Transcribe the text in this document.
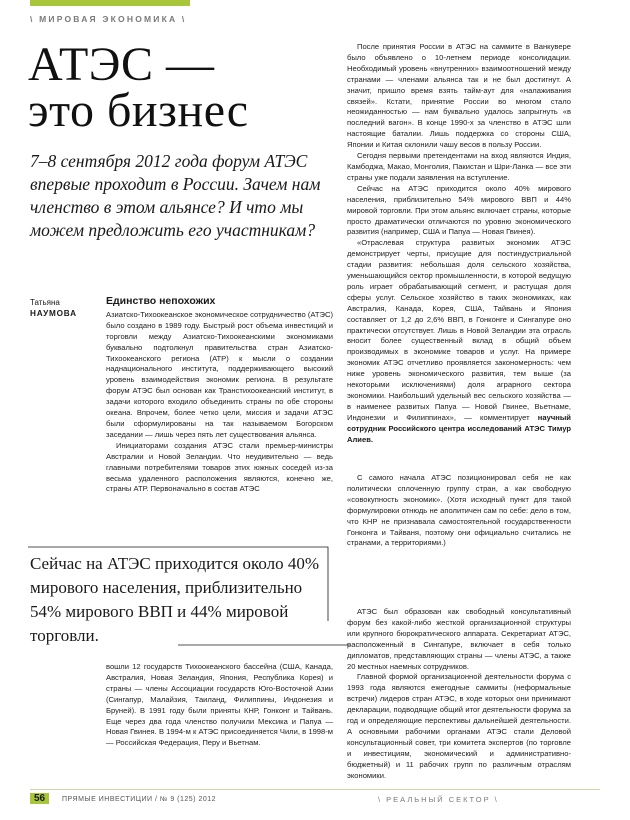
\ МИРОВАЯ ЭКОНОМИКА \
АТЭС —
это бизнес
7–8 сентября 2012 года форум АТЭС впервые проходит в России. Зачем нам членство в этом альянсе? И что мы можем предложить его участникам?
Татьяна
НАУМОВА
Единство непохожих

Азиатско-Тихоокеанское экономическое сотрудничество (АТЭС) было создано в 1989 году. Быстрый рост объема инвестиций и торговли между Азиатско-Тихоокеанскими экономиками буквально подтолкнул правительства стран Азиатско-Тихоокеанского региона (АТР) к мысли о создании наднационального института, поддерживающего высокий уровень взаимодействия экономик региона. В результате форум АТЭС был основан как Транстихоокеанский институт, в задачи которого входило объединить страны по обе стороны океана. Впрочем, более четко цели, миссия и задачи АТЭС были сформулированы на так называемом Богорском заседании — лишь через пять лет существования альянса.

Инициаторами создания АТЭС стали премьер-министры Австралии и Новой Зеландии. Что неудивительно — ведь главными потребителями товаров этих южных соседей из-за весьма удаленного расположения являются, конечно же, страны АТР. Первоначально в состав АТЭС

Сейчас на АТЭС приходится около 40% мирового населения, приблизительно 54% мирового ВВП и 44% мировой торговли.

вошли 12 государств Тихоокеанского бассейна (США, Канада, Австралия, Новая Зеландия, Япония, Республика Корея) и страны — члены Ассоциации государств Юго-Восточной Азии (Сингапур, Малайзия, Таиланд, Филиппины, Индонезия и Бруней). В 1991 году были приняты КНР, Гонконг и Тайвань. Еще через два года членство получили Мексика и Папуа — Новая Гвинея. В 1994-м к АТЭС присоединяется Чили, в 1998-м — Российская Федерация, Перу и Вьетнам.

После принятия России в АТЭС на саммите в Ванкувере было объявлено о 10-летнем периоде консолидации. Необходимый уровень «внутренних» взаимоотношений между странами — членами альянса так и не был достигнут. А значит, пришло время взять тайм-аут для «налаживания связей». Кстати, принятие России во многом стало неожиданностью — нам буквально удалось запрыгнуть «в последний вагон». В конце 1990-х за членство в АТЭС шли настоящие баталии. Лишь поддержка со стороны США, Японии и Китая склонили чашу весов в пользу России.

Сегодня первыми претендентами на вход являются Индия, Камбоджа, Макао, Монголия, Пакистан и Шри-Ланка — все эти страны уже подали заявления на вступление.

Сейчас на АТЭС приходится около 40% мирового населения, приблизительно 54% мирового ВВП и 44% мировой торговли. При этом альянс включает страны, которые просто драматически отличаются по уровню экономического развития (например, США и Папуа — Новая Гвинея).

«Отраслевая структура развитых экономик АТЭС демонстрирует черты, присущие для постиндустриальной стадии развития: небольшая доля сельского хозяйства, уменьшающийся сектор промышленности, в которой ведущую роль играет обрабатывающий сегмент, и растущая доля сферы услуг. Сельское хозяйство в таких экономиках, как Австралия, Канада, Корея, США, Тайвань и Япония составляет от 1,2 до 2,6% ВВП, в Гонконге и Сингапуре оно практически отсутствует. Лишь в Новой Зеландии эта отрасль вносит более существенный вклад в общий объем производимых в экономике товаров и услуг. На примере экономик АТЭС отчетливо проявляется закономерность: чем ниже уровень экономического развития, тем выше (за некоторыми исключениями) доля аграрного сектора экономики. Наибольший удельный вес сельского хозяйства — в наименее развитых Папуа — Новой Гвинее, Вьетнаме, Индонезии и Филиппинах», — комментирует научный сотрудник Российского центра исследований АТЭС Тимур Алиев.

С самого начала АТЭС позиционировал себя не как политически сплоченную группу стран, а как свободную «совокупность экономик». (Хотя исходный пункт для такой формулировки отнюдь не аполитичен сам по себе: дело в том, что КНР не признавала самостоятельной государственности Гонконга и Тайваня, поэтому они официально считались не странами, а территориями.)

АТЭС был образован как свободный консультативный форум без какой-либо жесткой организационной структуры или крупного бюрократического аппарата. Секретариат АТЭС, расположенный в Сингапуре, включает в себя только дипломатов, представляющих страны — члены АТЭС, а также 20 местных наемных сотрудников.

Главной формой организационной деятельности форума с 1993 года являются ежегодные саммиты (неформальные встречи) лидеров стран АТЭС, в ходе которых они принимают декларации, подводящие общий итог деятельности форума за год и определяющие перспективы дальнейшей деятельности. А основными рабочими органами АТЭС стали Деловой консультационный совет, три комитета экспертов (по торговле и инвестициям, экономический и административно-бюджетный) и 11 рабочих групп по различным отраслям экономики.

56	ПРЯМЫЕ ИНВЕСТИЦИИ / № 9 (125) 2012	\ РЕАЛЬНЫЙ СЕКТОР \
